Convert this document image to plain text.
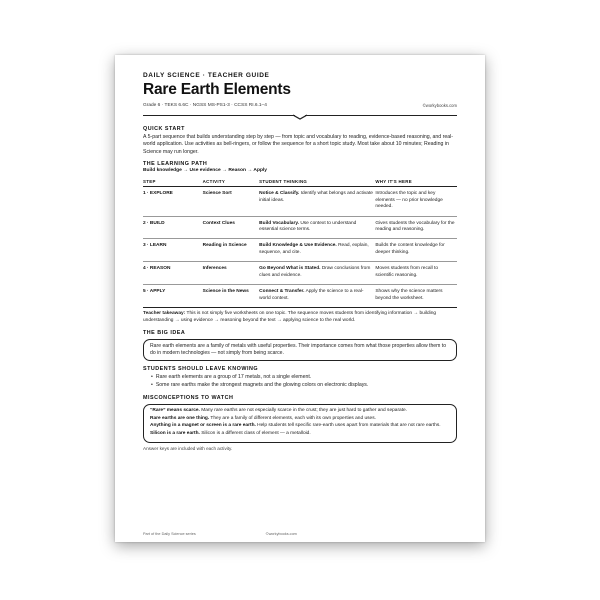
DAILY SCIENCE · TEACHER GUIDE
Rare Earth Elements
Grade 6 · TEKS 6.6C · NGSS MS-PS1-3 · CCSS RI.6.1–4	©workybooks.com
QUICK START
A 5-part sequence that builds understanding step by step — from topic and vocabulary to reading, evidence-based reasoning, and real-world application. Use activities as bell-ringers, or follow the sequence for a short topic study. Most take about 10 minutes; Reading in Science may run longer.
THE LEARNING PATH
Build knowledge → Use evidence → Reason → Apply
STEP	ACTIVITY	STUDENT THINKING	WHY IT'S HERE
1 · EXPLORE	Science Sort	Notice & Classify. Identify what belongs and activate initial ideas.	Introduces the topic and key elements — no prior knowledge needed.
2 · BUILD	Context Clues	Build Vocabulary. Use context to understand essential science terms.	Gives students the vocabulary for the reading and reasoning.
3 · LEARN	Reading in Science	Build Knowledge & Use Evidence. Read, explain, sequence, and cite.	Builds the content knowledge for deeper thinking.
4 · REASON	Inferences	Go Beyond What is Stated. Draw conclusions from clues and evidence.	Moves students from recall to scientific reasoning.
5 · APPLY	Science in the News	Connect & Transfer. Apply the science to a real-world context.	Shows why the science matters beyond the worksheet.
Teacher takeaway: This is not simply five worksheets on one topic. The sequence moves students from identifying information → building understanding → using evidence → reasoning beyond the text → applying science to the real world.
THE BIG IDEA
Rare earth elements are a family of metals with useful properties. Their importance comes from what those properties allow them to do in modern technologies — not simply from being scarce.
STUDENTS SHOULD LEAVE KNOWING
• Rare earth elements are a group of 17 metals, not a single element.
• Some rare earths make the strongest magnets and the glowing colors on electronic displays.
MISCONCEPTIONS TO WATCH

“Rare” means scarce. Many rare earths are not especially scarce in the crust; they are just hard to gather and separate.

Rare earths are one thing. They are a family of different elements, each with its own properties and uses.

Anything in a magnet or screen is a rare earth. Help students tell specific rare-earth uses apart from materials that are not rare earths.

Silicon is a rare earth. Silicon is a different class of element — a metalloid.

Answer keys are included with each activity.
Part of the Daily Science series	©workybooks.com
